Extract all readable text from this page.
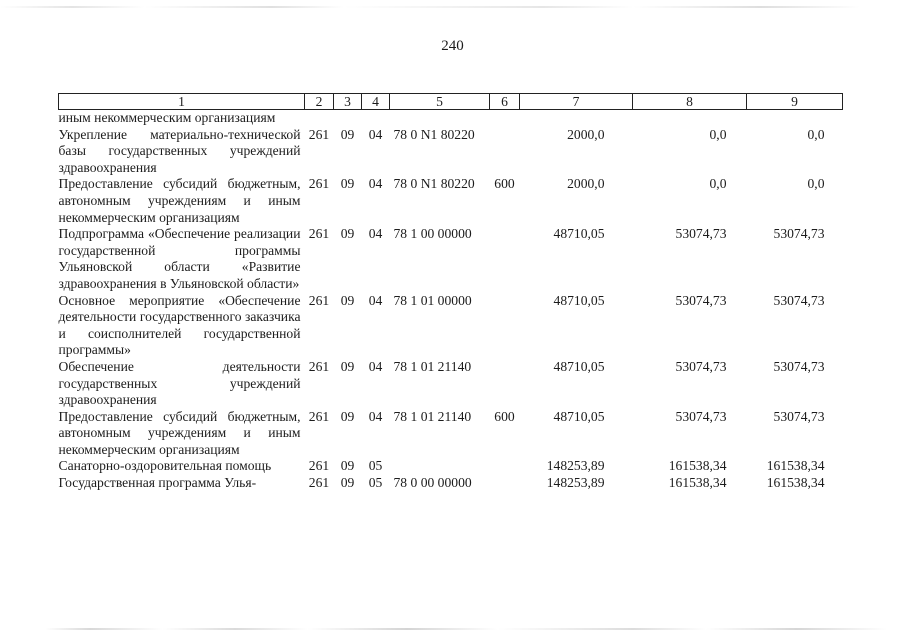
240
1	2	3	4	5	6	7	8	9
иным некоммерческим организациям								
Укрепление материально-технической базы государственных учреждений здравоохранения	261	09	04	78 0 N1 80220		2000,0	0,0	0,0
Предоставление субсидий бюджетным, автономным учреждениям и иным некоммерческим организациям	261	09	04	78 0 N1 80220	600	2000,0	0,0	0,0
Подпрограмма «Обеспечение реализации государственной программы Ульяновской области «Развитие здравоохранения в Ульяновской области»	261	09	04	78 1 00 00000		48710,05	53074,73	53074,73
Основное мероприятие «Обеспечение деятельности государственного заказчика и соисполнителей государственной программы»	261	09	04	78 1 01 00000		48710,05	53074,73	53074,73
Обеспечение деятельности государственных учреждений здравоохранения	261	09	04	78 1 01 21140		48710,05	53074,73	53074,73
Предоставление субсидий бюджетным, автономным учреждениям и иным некоммерческим организациям	261	09	04	78 1 01 21140	600	48710,05	53074,73	53074,73
Санаторно-оздоровительная помощь	261	09	05			148253,89	161538,34	161538,34
Государственная программа Улья-	261	09	05	78 0 00 00000		148253,89	161538,34	161538,34
